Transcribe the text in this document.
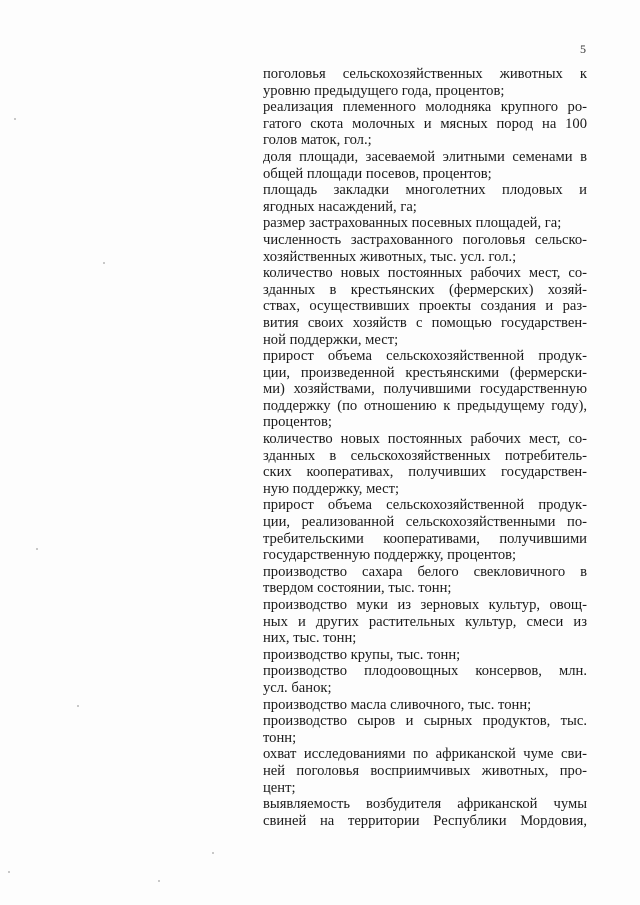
5
поголовья сельскохозяйственных животных к
уровню предыдущего года, процентов;
реализация племенного молодняка крупного ро-
гатого скота молочных и мясных пород на 100
голов маток, гол.;
доля площади, засеваемой элитными семенами в
общей площади посевов, процентов;
площадь закладки многолетних плодовых и
ягодных насаждений, га;
размер застрахованных посевных площадей, га;
численность застрахованного поголовья сельско-
хозяйственных животных, тыс. усл. гол.;
количество новых постоянных рабочих мест, со-
зданных в крестьянских (фермерских) хозяй-
ствах, осуществивших проекты создания и раз-
вития своих хозяйств с помощью государствен-
ной поддержки, мест;
прирост объема сельскохозяйственной продук-
ции, произведенной крестьянскими (фермерски-
ми) хозяйствами, получившими государственную
поддержку (по отношению к предыдущему году),
процентов;
количество новых постоянных рабочих мест, со-
зданных в сельскохозяйственных потребитель-
ских кооперативах, получивших государствен-
ную поддержку, мест;
прирост объема сельскохозяйственной продук-
ции, реализованной сельскохозяйственными по-
требительскими кооперативами, получившими
государственную поддержку, процентов;
производство сахара белого свекловичного в
твердом состоянии, тыс. тонн;
производство муки из зерновых культур, овощ-
ных и других растительных культур, смеси из
них, тыс. тонн;
производство крупы, тыс. тонн;
производство плодоовощных консервов, млн.
усл. банок;
производство масла сливочного, тыс. тонн;
производство сыров и сырных продуктов, тыс.
тонн;
охват исследованиями по африканской чуме сви-
ней поголовья восприимчивых животных, про-
цент;
выявляемость возбудителя африканской чумы
свиней на территории Республики Мордовия,
